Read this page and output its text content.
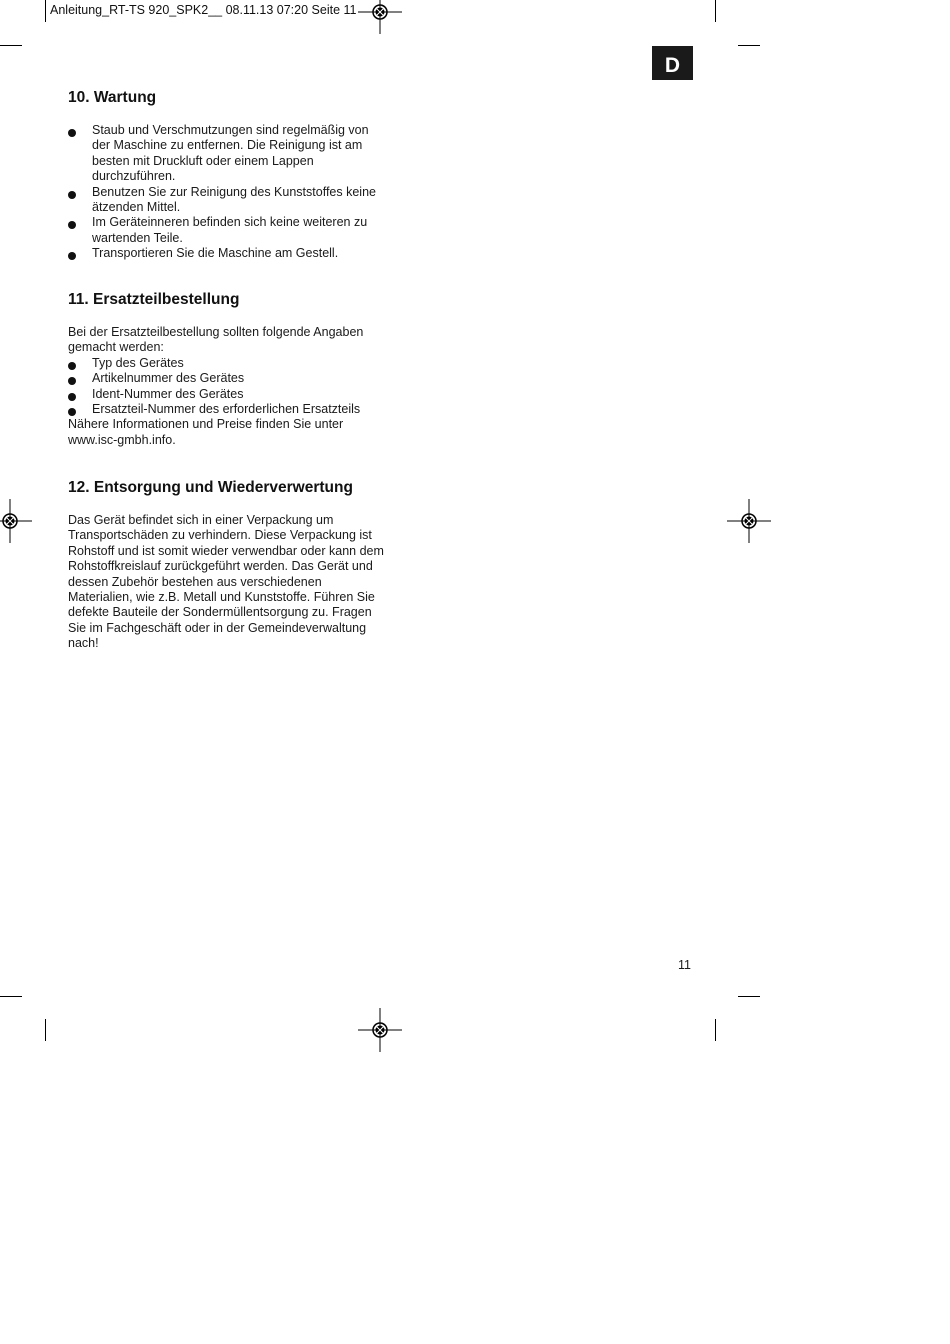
Anleitung_RT-TS 920_SPK2__ 08.11.13 07:20 Seite 11
D
10. Wartung
Staub und Verschmutzungen sind regelmäßig von der Maschine zu entfernen. Die Reinigung ist am besten mit Druckluft oder einem Lappen durchzuführen.
Benutzen Sie zur Reinigung des Kunststoffes keine ätzenden Mittel.
Im Geräteinneren befinden sich keine weiteren zu wartenden Teile.
Transportieren Sie die Maschine am Gestell.
11. Ersatzteilbestellung

Bei der Ersatzteilbestellung sollten folgende Angaben gemacht werden:

Typ des Gerätes
Artikelnummer des Gerätes
Ident-Nummer des Gerätes
Ersatzteil-Nummer des erforderlichen Ersatzteils

Nähere Informationen und Preise finden Sie unter www.isc-gmbh.info.

12. Entsorgung und Wiederverwertung

Das Gerät befindet sich in einer Verpackung um Transportschäden zu verhindern. Diese Verpackung ist Rohstoff und ist somit wieder verwendbar oder kann dem Rohstoffkreislauf zurückgeführt werden. Das Gerät und dessen Zubehör bestehen aus verschiedenen Materialien, wie z.B. Metall und Kunststoffe. Führen Sie defekte Bauteile der Sondermüllentsorgung zu. Fragen Sie im Fachgeschäft oder in der Gemeindeverwaltung nach!

11
